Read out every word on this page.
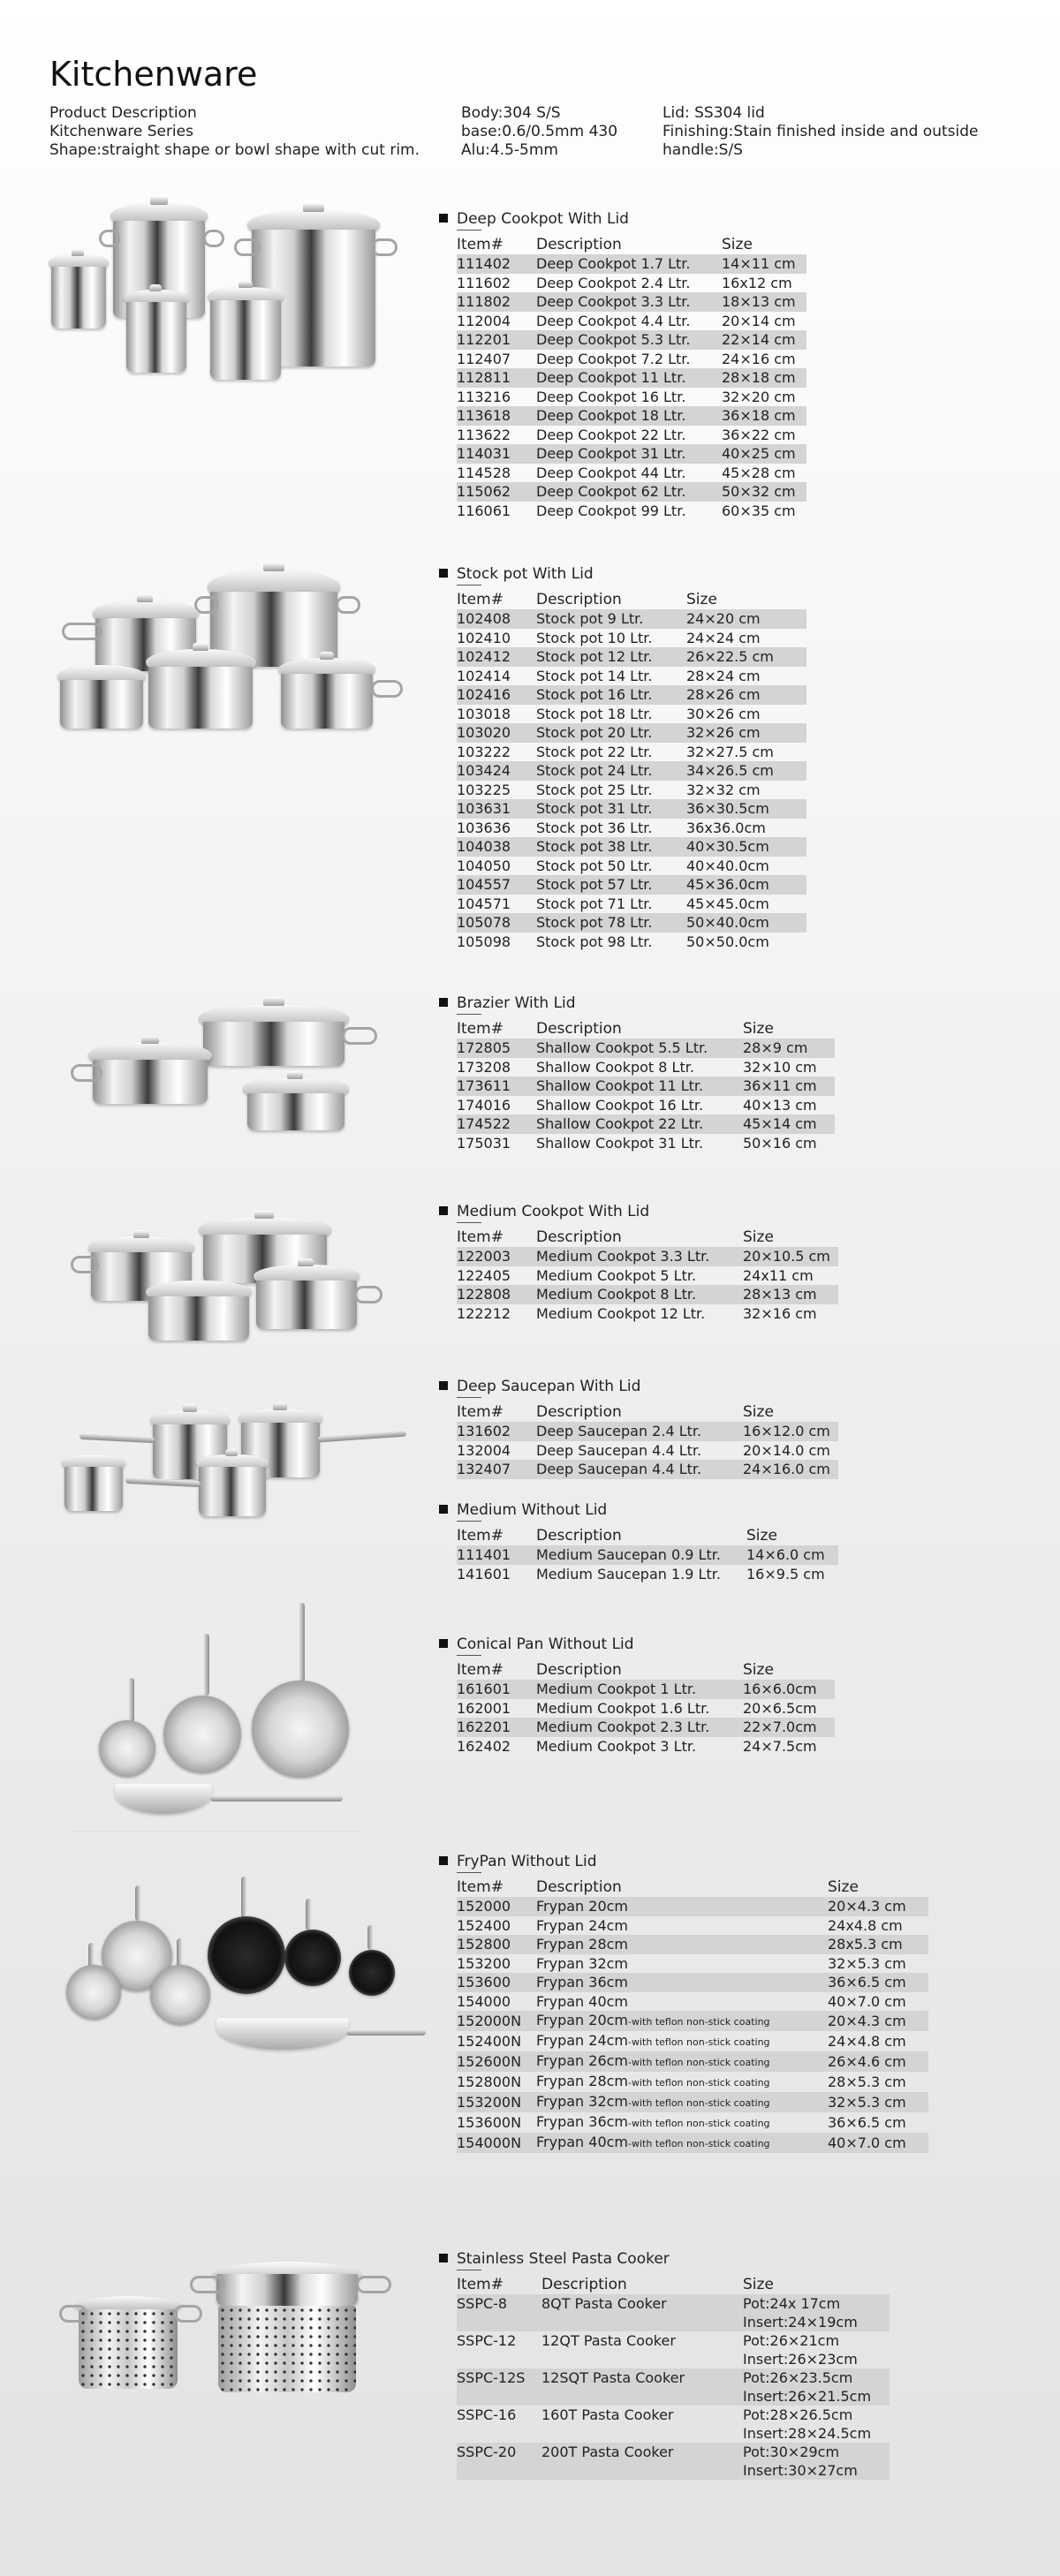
Kitchenware
Product Description
Kitchenware Series
Shape:straight shape or bowl shape with cut rim.
Body:304 S/S
base:0.6/0.5mm 430
Alu:4.5-5mm
Lid: SS304 lid
Finishing:Stain finished inside and outside
handle:S/S
Deep Cookpot With Lid
Item#	Description	Size
111402	Deep Cookpot 1.7 Ltr.	14×11 cm
111602	Deep Cookpot 2.4 Ltr.	16x12 cm
111802	Deep Cookpot 3.3 Ltr.	18×13 cm
112004	Deep Cookpot 4.4 Ltr.	20×14 cm
112201	Deep Cookpot 5.3 Ltr.	22×14 cm
112407	Deep Cookpot 7.2 Ltr.	24×16 cm
112811	Deep Cookpot 11 Ltr.	28×18 cm
113216	Deep Cookpot 16 Ltr.	32×20 cm
113618	Deep Cookpot 18 Ltr.	36×18 cm
113622	Deep Cookpot 22 Ltr.	36×22 cm
114031	Deep Cookpot 31 Ltr.	40×25 cm
114528	Deep Cookpot 44 Ltr.	45×28 cm
115062	Deep Cookpot 62 Ltr.	50×32 cm
116061	Deep Cookpot 99 Ltr.	60×35 cm
Stock pot With Lid
Item#	Description	Size
102408	Stock pot 9 Ltr.	24×20 cm
102410	Stock pot 10 Ltr.	24×24 cm
102412	Stock pot 12 Ltr.	26×22.5 cm
102414	Stock pot 14 Ltr.	28×24 cm
102416	Stock pot 16 Ltr.	28×26 cm
103018	Stock pot 18 Ltr.	30×26 cm
103020	Stock pot 20 Ltr.	32×26 cm
103222	Stock pot 22 Ltr.	32×27.5 cm
103424	Stock pot 24 Ltr.	34×26.5 cm
103225	Stock pot 25 Ltr.	32×32 cm
103631	Stock pot 31 Ltr.	36×30.5cm
103636	Stock pot 36 Ltr.	36x36.0cm
104038	Stock pot 38 Ltr.	40×30.5cm
104050	Stock pot 50 Ltr.	40×40.0cm
104557	Stock pot 57 Ltr.	45×36.0cm
104571	Stock pot 71 Ltr.	45×45.0cm
105078	Stock pot 78 Ltr.	50×40.0cm
105098	Stock pot 98 Ltr.	50×50.0cm
Brazier With Lid
Item#	Description	Size
172805	Shallow Cookpot 5.5 Ltr.	28×9 cm
173208	Shallow Cookpot 8 Ltr.	32×10 cm
173611	Shallow Cookpot 11 Ltr.	36×11 cm
174016	Shallow Cookpot 16 Ltr.	40×13 cm
174522	Shallow Cookpot 22 Ltr.	45×14 cm
175031	Shallow Cookpot 31 Ltr.	50×16 cm
Medium Cookpot With Lid
Item#	Description	Size
122003	Medium Cookpot 3.3 Ltr.	20×10.5 cm
122405	Medium Cookpot 5 Ltr.	24x11 cm
122808	Medium Cookpot 8 Ltr.	28×13 cm
122212	Medium Cookpot 12 Ltr.	32×16 cm
Deep Saucepan With Lid
Item#	Description	Size
131602	Deep Saucepan 2.4 Ltr.	16×12.0 cm
132004	Deep Saucepan 4.4 Ltr.	20×14.0 cm
132407	Deep Saucepan 4.4 Ltr.	24×16.0 cm
Medium Without Lid
Item#	Description	Size
111401	Medium Saucepan 0.9 Ltr.	14×6.0 cm
141601	Medium Saucepan 1.9 Ltr.	16×9.5 cm
Conical Pan Without Lid
Item#	Description	Size
161601	Medium Cookpot 1 Ltr.	16×6.0cm
162001	Medium Cookpot 1.6 Ltr.	20×6.5cm
162201	Medium Cookpot 2.3 Ltr.	22×7.0cm
162402	Medium Cookpot 3 Ltr.	24×7.5cm
FryPan Without Lid
Item#	Description	Size
152000	Frypan 20cm	20×4.3 cm
152400	Frypan 24cm	24x4.8 cm
152800	Frypan 28cm	28x5.3 cm
153200	Frypan 32cm	32×5.3 cm
153600	Frypan 36cm	36×6.5 cm
154000	Frypan 40cm	40×7.0 cm
152000N	Frypan 20cm-with teflon non-stick coating	20×4.3 cm
152400N	Frypan 24cm-with teflon non-stick coating	24×4.8 cm
152600N	Frypan 26cm-with teflon non-stick coating	26×4.6 cm
152800N	Frypan 28cm-with teflon non-stick coating	28×5.3 cm
153200N	Frypan 32cm-with teflon non-stick coating	32×5.3 cm
153600N	Frypan 36cm-with teflon non-stick coating	36×6.5 cm
154000N	Frypan 40cm-with teflon non-stick coating	40×7.0 cm
Stainless Steel Pasta Cooker
Item#	Description	Size
SSPC-8	8QT Pasta Cooker	Pot:24x 17cm
Insert:24×19cm

SSPC-12	12QT Pasta Cooker	Pot:26×21cm
Insert:26×23cm

SSPC-12S	12SQT Pasta Cooker	Pot:26×23.5cm
Insert:26×21.5cm

SSPC-16	160T Pasta Cooker	Pot:28×26.5cm
Insert:28×24.5cm

SSPC-20	200T Pasta Cooker	Pot:30×29cm
Insert:30×27cm
